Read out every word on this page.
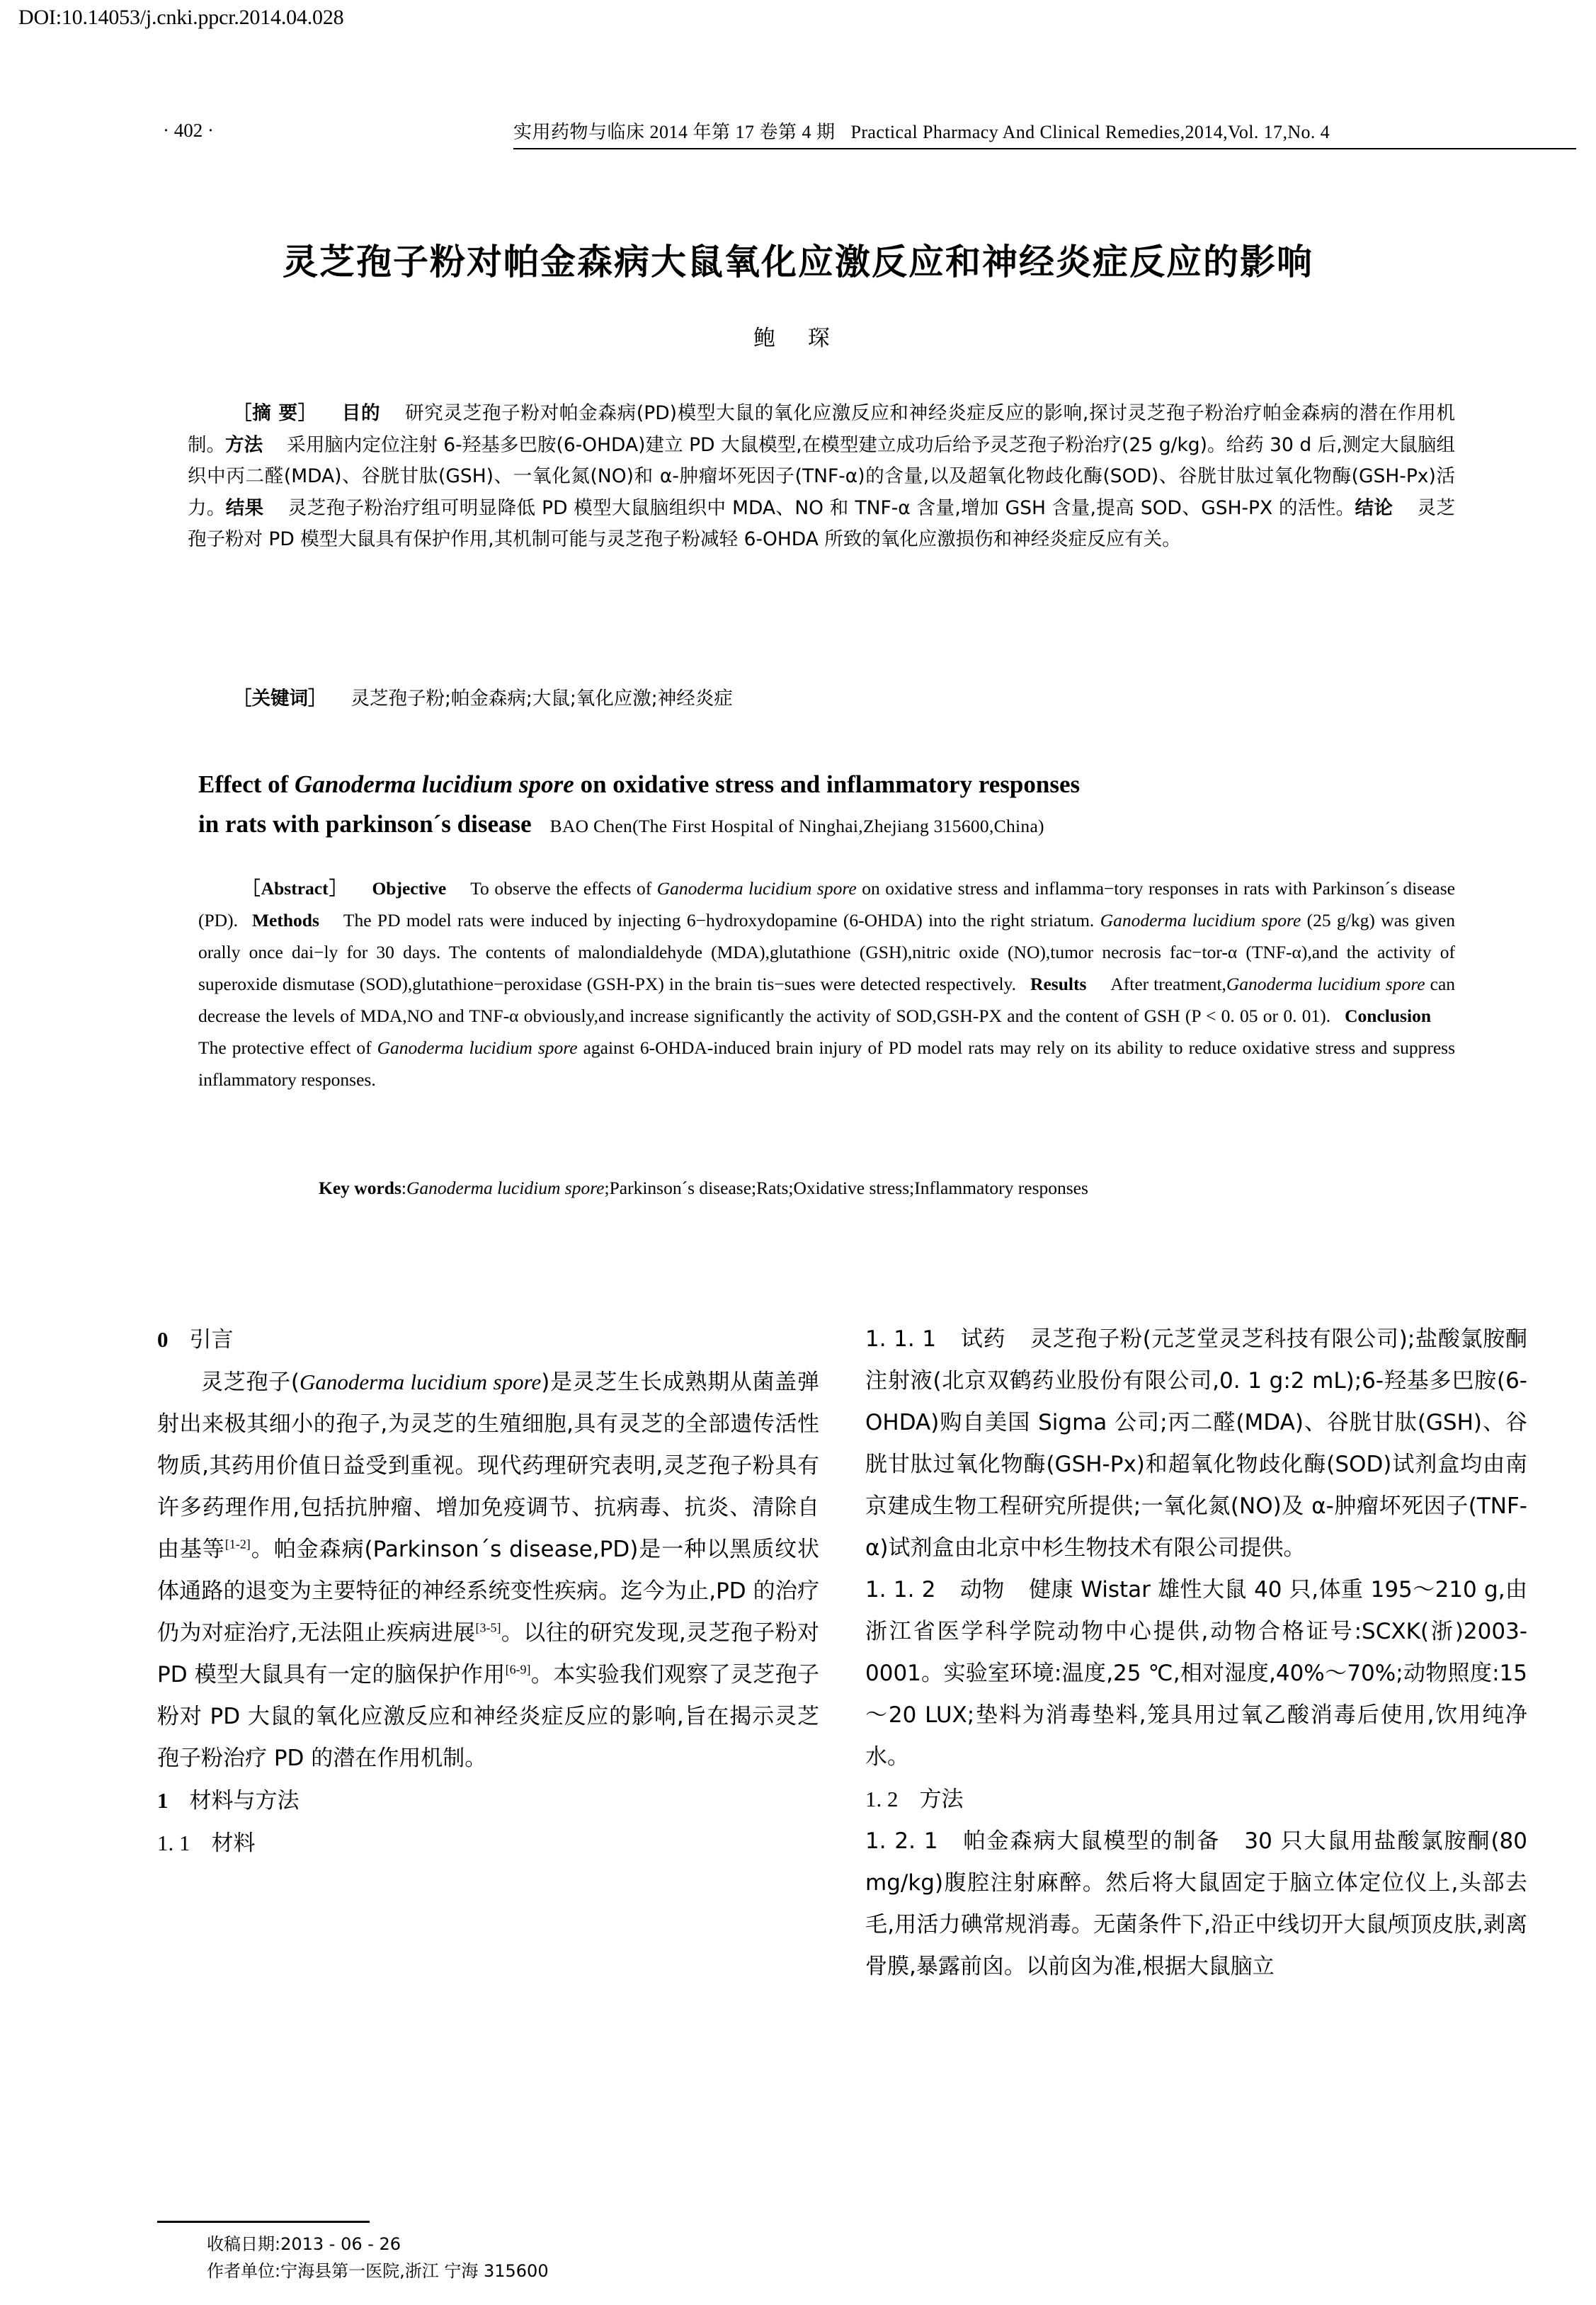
DOI:10.14053/j.cnki.ppcr.2014.04.028
· 402 ·	实用药物与临床 2014 年第 17 卷第 4 期 Practical Pharmacy And Clinical Remedies,2014,Vol. 17,No. 4
灵芝孢子粉对帕金森病大鼠氧化应激反应和神经炎症反应的影响
鲍 琛
［摘 要］ 目的 研究灵芝孢子粉对帕金森病(PD)模型大鼠的氧化应激反应和神经炎症反应的影响,探讨灵芝孢子粉治疗帕金森病的潜在作用机制。方法 采用脑内定位注射 6-羟基多巴胺(6-OHDA)建立 PD 大鼠模型,在模型建立成功后给予灵芝孢子粉治疗(25 g/kg)。给药 30 d 后,测定大鼠脑组织中丙二醛(MDA)、谷胱甘肽(GSH)、一氧化氮(NO)和 α-肿瘤坏死因子(TNF-α)的含量,以及超氧化物歧化酶(SOD)、谷胱甘肽过氧化物酶(GSH-Px)活力。结果 灵芝孢子粉治疗组可明显降低 PD 模型大鼠脑组织中 MDA、NO 和 TNF-α 含量,增加 GSH 含量,提高 SOD、GSH-PX 的活性。结论 灵芝孢子粉对 PD 模型大鼠具有保护作用,其机制可能与灵芝孢子粉减轻 6-OHDA 所致的氧化应激损伤和神经炎症反应有关。
［关键词］ 灵芝孢子粉;帕金森病;大鼠;氧化应激;神经炎症
Effect of Ganoderma lucidium spore on oxidative stress and inflammatory responses
in rats with parkinson´s disease BAO Chen(The First Hospital of Ninghai,Zhejiang 315600,China)
［Abstract］ Objective To observe the effects of Ganoderma lucidium spore on oxidative stress and inflamma−tory responses in rats with Parkinson´s disease (PD). Methods The PD model rats were induced by injecting 6−hydroxydopamine (6-OHDA) into the right striatum. Ganoderma lucidium spore (25 g/kg) was given orally once dai−ly for 30 days. The contents of malondialdehyde (MDA),glutathione (GSH),nitric oxide (NO),tumor necrosis fac−tor-α (TNF-α),and the activity of superoxide dismutase (SOD),glutathione−peroxidase (GSH-PX) in the brain tis−sues were detected respectively. Results After treatment,Ganoderma lucidium spore can decrease the levels of MDA,NO and TNF-α obviously,and increase significantly the activity of SOD,GSH-PX and the content of GSH (P < 0. 05 or 0. 01). ConclusionThe protective effect of Ganoderma lucidium spore against 6-OHDA‐induced brain injury of PD model rats may rely on its ability to reduce oxidative stress and suppress inflammatory responses.
Key words:Ganoderma lucidium spore;Parkinson´s disease;Rats;Oxidative stress;Inflammatory responses

0 引言

灵芝孢子(Ganoderma lucidium spore)是灵芝生长成熟期从菌盖弹射出来极其细小的孢子,为灵芝的生殖细胞,具有灵芝的全部遗传活性物质,其药用价值日益受到重视。现代药理研究表明,灵芝孢子粉具有许多药理作用,包括抗肿瘤、增加免疫调节、抗病毒、抗炎、清除自由基等[1-2]。帕金森病(Parkinson´s disease,PD)是一种以黑质纹状体通路的退变为主要特征的神经系统变性疾病。迄今为止,PD 的治疗仍为对症治疗,无法阻止疾病进展[3-5]。以往的研究发现,灵芝孢子粉对 PD 模型大鼠具有一定的脑保护作用[6-9]。本实验我们观察了灵芝孢子粉对 PD 大鼠的氧化应激反应和神经炎症反应的影响,旨在揭示灵芝孢子粉治疗 PD 的潜在作用机制。

1 材料与方法

1. 1 材料

1. 1. 1 试药 灵芝孢子粉(元芝堂灵芝科技有限公司);盐酸氯胺酮注射液(北京双鹤药业股份有限公司,0. 1 g:2 mL);6-羟基多巴胺(6-OHDA)购自美国 Sigma 公司;丙二醛(MDA)、谷胱甘肽(GSH)、谷胱甘肽过氧化物酶(GSH-Px)和超氧化物歧化酶(SOD)试剂盒均由南京建成生物工程研究所提供;一氧化氮(NO)及 α-肿瘤坏死因子(TNF-α)试剂盒由北京中杉生物技术有限公司提供。

1. 1. 2 动物 健康 Wistar 雄性大鼠 40 只,体重 195～210 g,由浙江省医学科学院动物中心提供,动物合格证号:SCXK(浙)2003-0001。实验室环境:温度,25 ℃,相对湿度,40%～70%;动物照度:15～20 LUX;垫料为消毒垫料,笼具用过氧乙酸消毒后使用,饮用纯净水。

1. 2 方法

1. 2. 1 帕金森病大鼠模型的制备 30 只大鼠用盐酸氯胺酮(80 mg/kg)腹腔注射麻醉。然后将大鼠固定于脑立体定位仪上,头部去毛,用活力碘常规消毒。无菌条件下,沿正中线切开大鼠颅顶皮肤,剥离骨膜,暴露前囟。以前囟为准,根据大鼠脑立

收稿日期:2013 - 06 - 26
作者单位:宁海县第一医院,浙江 宁海 315600
